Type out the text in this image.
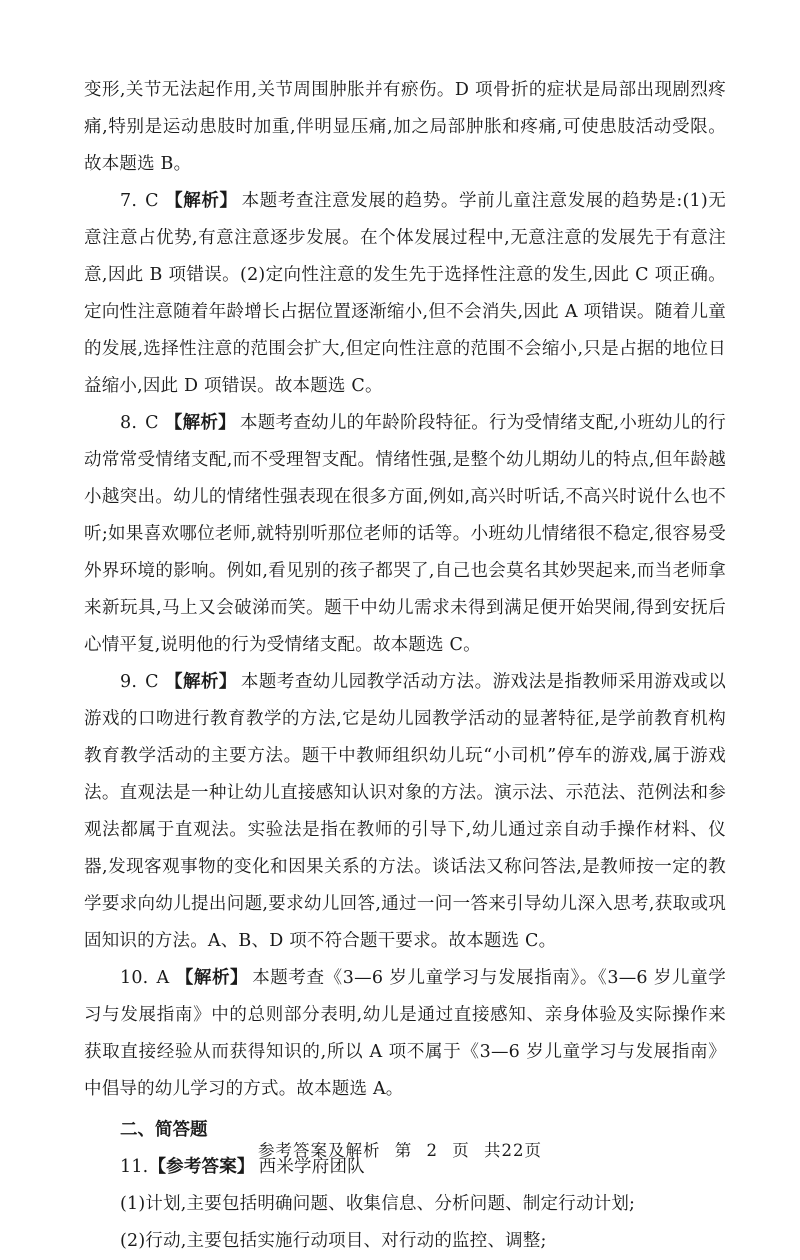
变形,关节无法起作用,关节周围肿胀并有瘀伤。D 项骨折的症状是局部出现剧烈疼痛,特别是运动患肢时加重,伴明显压痛,加之局部肿胀和疼痛,可使患肢活动受限。故本题选 B。

7. C 【解析】 本题考查注意发展的趋势。学前儿童注意发展的趋势是:(1)无意注意占优势,有意注意逐步发展。在个体发展过程中,无意注意的发展先于有意注意,因此 B 项错误。(2)定向性注意的发生先于选择性注意的发生,因此 C 项正确。定向性注意随着年龄增长占据位置逐渐缩小,但不会消失,因此 A 项错误。随着儿童的发展,选择性注意的范围会扩大,但定向性注意的范围不会缩小,只是占据的地位日益缩小,因此 D 项错误。故本题选 C。

8. C 【解析】 本题考查幼儿的年龄阶段特征。行为受情绪支配,小班幼儿的行动常常受情绪支配,而不受理智支配。情绪性强,是整个幼儿期幼儿的特点,但年龄越小越突出。幼儿的情绪性强表现在很多方面,例如,高兴时听话,不高兴时说什么也不听;如果喜欢哪位老师,就特别听那位老师的话等。小班幼儿情绪很不稳定,很容易受外界环境的影响。例如,看见别的孩子都哭了,自己也会莫名其妙哭起来,而当老师拿来新玩具,马上又会破涕而笑。题干中幼儿需求未得到满足便开始哭闹,得到安抚后心情平复,说明他的行为受情绪支配。故本题选 C。

9. C 【解析】 本题考查幼儿园教学活动方法。游戏法是指教师采用游戏或以游戏的口吻进行教育教学的方法,它是幼儿园教学活动的显著特征,是学前教育机构教育教学活动的主要方法。题干中教师组织幼儿玩“小司机”停车的游戏,属于游戏法。直观法是一种让幼儿直接感知认识对象的方法。演示法、示范法、范例法和参观法都属于直观法。实验法是指在教师的引导下,幼儿通过亲自动手操作材料、仪器,发现客观事物的变化和因果关系的方法。谈话法又称问答法,是教师按一定的教学要求向幼儿提出问题,要求幼儿回答,通过一问一答来引导幼儿深入思考,获取或巩固知识的方法。A、B、D 项不符合题干要求。故本题选 C。

10. A 【解析】 本题考查《3—6 岁儿童学习与发展指南》。《3—6 岁儿童学习与发展指南》中的总则部分表明,幼儿是通过直接感知、亲身体验及实际操作来获取直接经验从而获得知识的,所以 A 项不属于《3—6 岁儿童学习与发展指南》中倡导的幼儿学习的方式。故本题选 A。

二、简答题

11.【参考答案】 西米学府团队

(1)计划,主要包括明确问题、收集信息、分析问题、制定行动计划;

(2)行动,主要包括实施行动项目、对行动的监控、调整;

参考答案及解析 第 2 页 共22页
